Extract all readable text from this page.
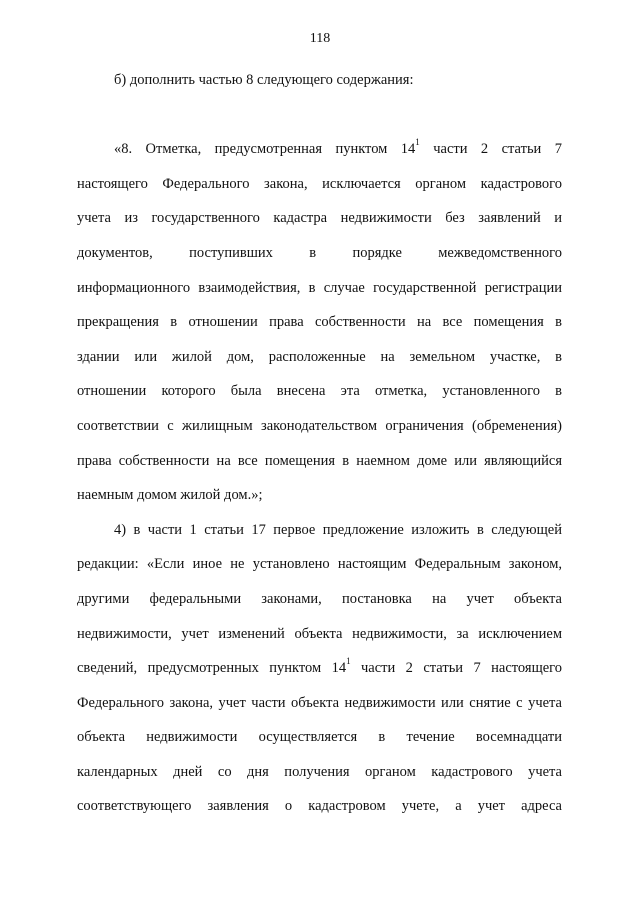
118
б) дополнить частью 8 следующего содержания:
«8. Отметка, предусмотренная пунктом $14^1$ части 2 статьи 7
настоящего Федерального закона, исключается органом кадастрового
учета из государственного кадастра недвижимости без заявлений и
документов, поступивших в порядке межведомственного
информационного взаимодействия, в случае государственной регистрации
прекращения в отношении права собственности на все помещения в
здании или жилой дом, расположенные на земельном участке, в
отношении которого была внесена эта отметка, установленного в
соответствии с жилищным законодательством ограничения (обременения)
права собственности на все помещения в наемном доме или являющийся
наемным домом жилой дом.»;
4) в части 1 статьи 17 первое предложение изложить в следующей
редакции: «Если иное не установлено настоящим Федеральным законом,
другими федеральными законами, постановка на учет объекта
недвижимости, учет изменений объекта недвижимости, за исключением
сведений, предусмотренных пунктом $14^1$ части 2 статьи 7 настоящего
Федерального закона, учет части объекта недвижимости или снятие с учета
объекта недвижимости осуществляется в течение восемнадцати
календарных дней со дня получения органом кадастрового учета
соответствующего заявления о кадастровом учете, а учет адреса
